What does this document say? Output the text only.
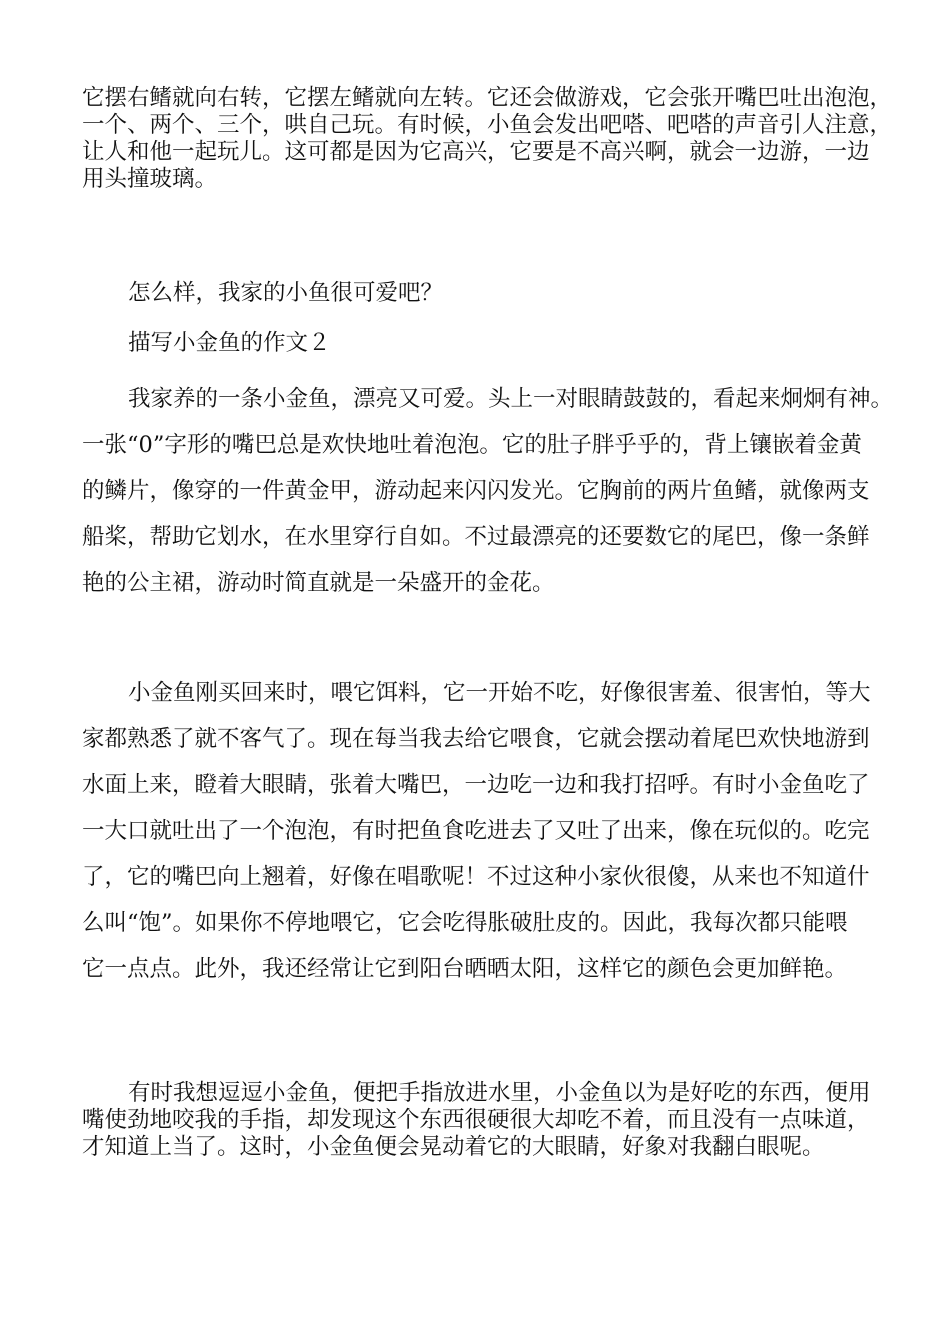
它摆右鳍就向右转，它摆左鳍就向左转。它还会做游戏，它会张开嘴巴吐出泡泡，
一个、两个、三个，哄自己玩。有时候，小鱼会发出吧嗒、吧嗒的声音引人注意，
让人和他一起玩儿。这可都是因为它高兴，它要是不高兴啊，就会一边游，一边
用头撞玻璃。
怎么样，我家的小鱼很可爱吧？
描写小金鱼的作文２
我家养的一条小金鱼，漂亮又可爱。头上一对眼睛鼓鼓的，看起来炯炯有神。
一张“0”字形的嘴巴总是欢快地吐着泡泡。它的肚子胖乎乎的，背上镶嵌着金黄
的鳞片，像穿的一件黄金甲，游动起来闪闪发光。它胸前的两片鱼鳍，就像两支
船桨，帮助它划水，在水里穿行自如。不过最漂亮的还要数它的尾巴，像一条鲜
艳的公主裙，游动时简直就是一朵盛开的金花。
小金鱼刚买回来时，喂它饵料，它一开始不吃，好像很害羞、很害怕，等大
家都熟悉了就不客气了。现在每当我去给它喂食，它就会摆动着尾巴欢快地游到
水面上来，瞪着大眼睛，张着大嘴巴，一边吃一边和我打招呼。有时小金鱼吃了
一大口就吐出了一个泡泡，有时把鱼食吃进去了又吐了出来，像在玩似的。吃完
了，它的嘴巴向上翘着，好像在唱歌呢！不过这种小家伙很傻，从来也不知道什
么叫“饱”。如果你不停地喂它，它会吃得胀破肚皮的。因此，我每次都只能喂
它一点点。此外，我还经常让它到阳台晒晒太阳，这样它的颜色会更加鲜艳。
有时我想逗逗小金鱼，便把手指放进水里，小金鱼以为是好吃的东西，便用
嘴使劲地咬我的手指，却发现这个东西很硬很大却吃不着，而且没有一点味道，
才知道上当了。这时，小金鱼便会晃动着它的大眼睛，好象对我翻白眼呢。
